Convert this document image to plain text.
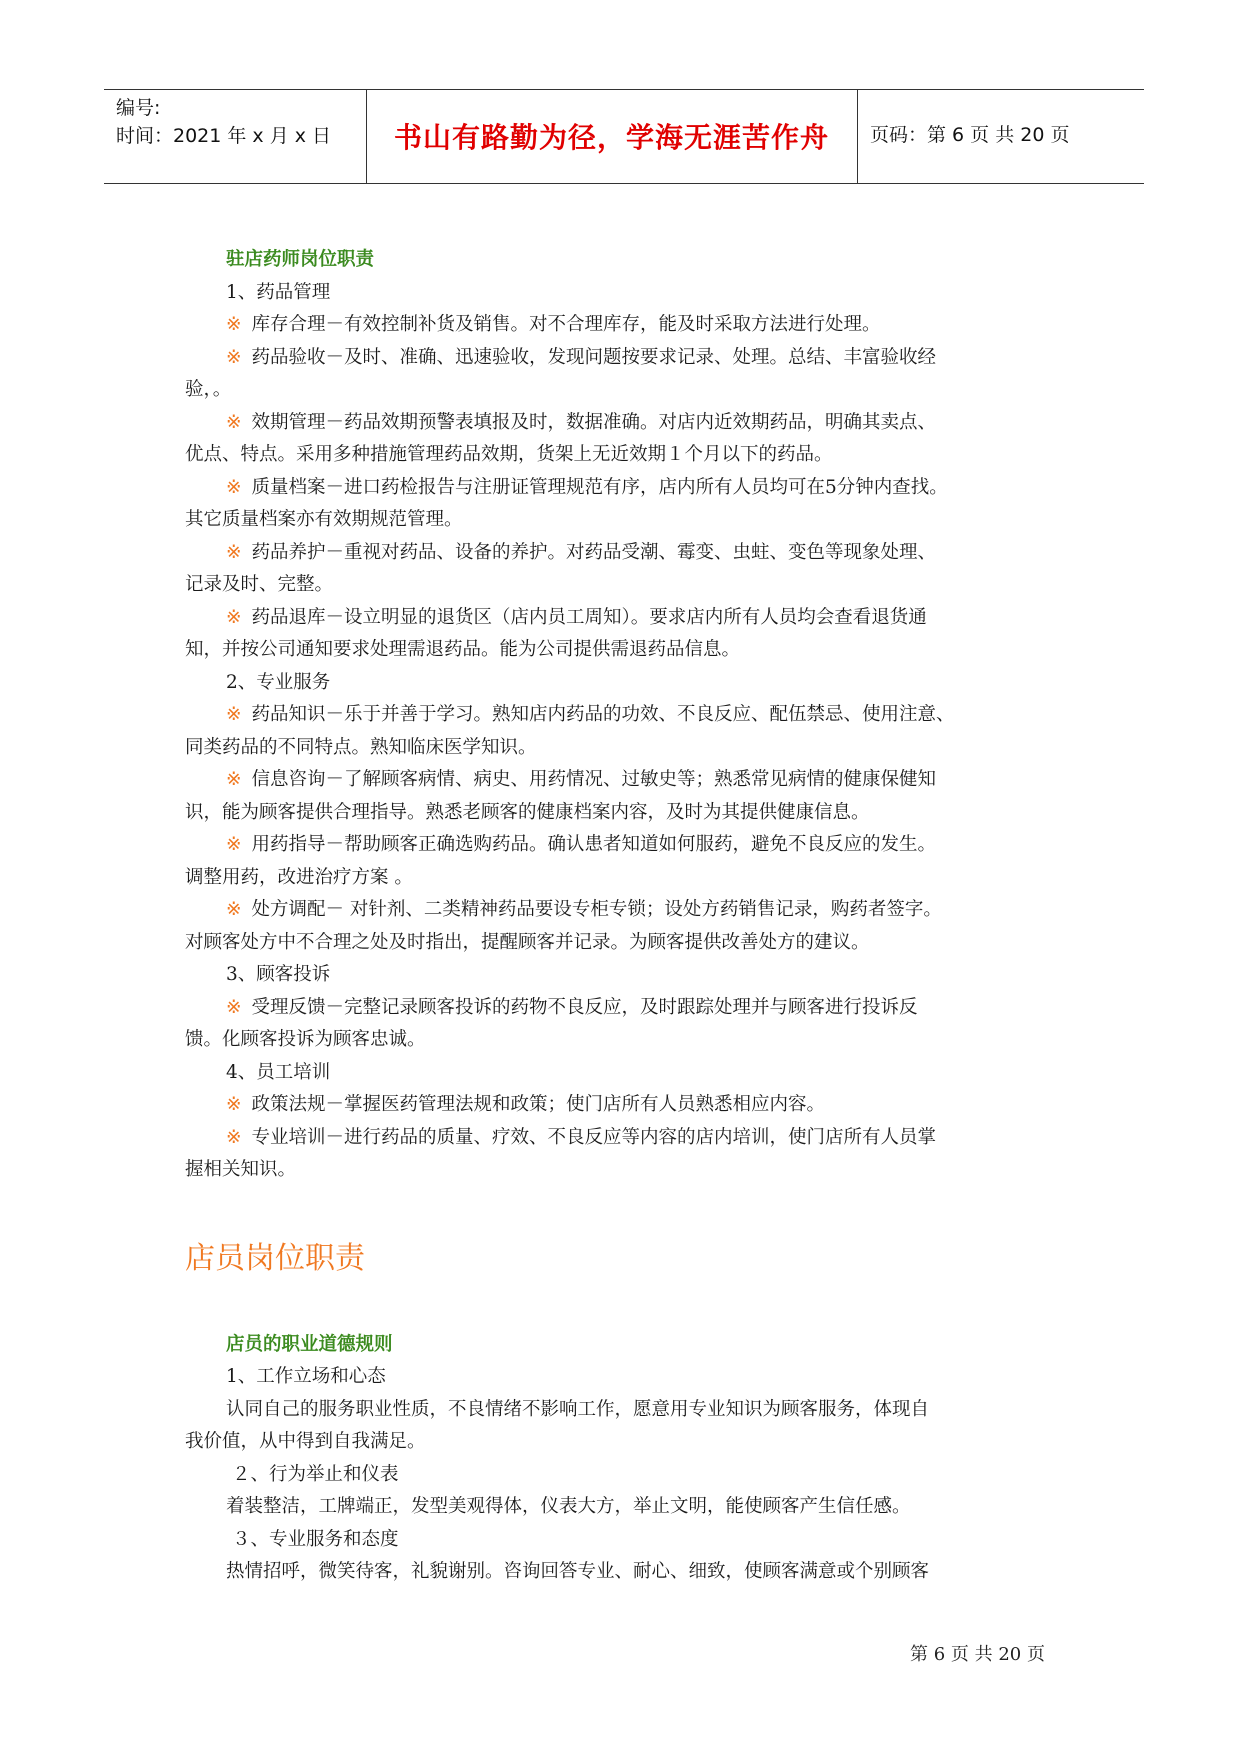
编号:
时间：2021 年 x 月 x 日	书山有路勤为径，学海无涯苦作舟	页码：第 6 页 共 20 页
驻店药师岗位职责
1、药品管理
※ 库存合理－有效控制补货及销售。对不合理库存，能及时采取方法进行处理。
※ 药品验收－及时、准确、迅速验收，发现问题按要求记录、处理。总结、丰富验收经
验，。
※ 效期管理－药品效期预警表填报及时，数据准确。对店内近效期药品，明确其卖点、
优点、特点。采用多种措施管理药品效期，货架上无近效期１个月以下的药品。
※ 质量档案－进口药检报告与注册证管理规范有序，店内所有人员均可在5分钟内查找。
其它质量档案亦有效期规范管理。
※ 药品养护－重视对药品、设备的养护。对药品受潮、霉变、虫蛀、变色等现象处理、
记录及时、完整。
※ 药品退库－设立明显的退货区（店内员工周知）。要求店内所有人员均会查看退货通
知，并按公司通知要求处理需退药品。能为公司提供需退药品信息。
2、专业服务
※ 药品知识－乐于并善于学习。熟知店内药品的功效、不良反应、配伍禁忌、使用注意、
同类药品的不同特点。熟知临床医学知识。
※ 信息咨询－了解顾客病情、病史、用药情况、过敏史等；熟悉常见病情的健康保健知
识，能为顾客提供合理指导。熟悉老顾客的健康档案内容，及时为其提供健康信息。
※ 用药指导－帮助顾客正确选购药品。确认患者知道如何服药，避免不良反应的发生。
调整用药，改进治疗方案 。
※ 处方调配－ 对针剂、二类精神药品要设专柜专锁；设处方药销售记录，购药者签字。
对顾客处方中不合理之处及时指出，提醒顾客并记录。为顾客提供改善处方的建议。
3、顾客投诉
※ 受理反馈－完整记录顾客投诉的药物不良反应，及时跟踪处理并与顾客进行投诉反
馈。化顾客投诉为顾客忠诚。
4、员工培训
※ 政策法规－掌握医药管理法规和政策；使门店所有人员熟悉相应内容。
※ 专业培训－进行药品的质量、疗效、不良反应等内容的店内培训，使门店所有人员掌
握相关知识。
店员岗位职责
店员的职业道德规则
1、工作立场和心态
认同自己的服务职业性质，不良情绪不影响工作，愿意用专业知识为顾客服务，体现自
我价值，从中得到自我满足。
２、行为举止和仪表
着装整洁，工牌端正，发型美观得体，仪表大方，举止文明，能使顾客产生信任感。
３、专业服务和态度
热情招呼，微笑待客，礼貌谢别。咨询回答专业、耐心、细致，使顾客满意或个别顾客
第 6 页 共 20 页
